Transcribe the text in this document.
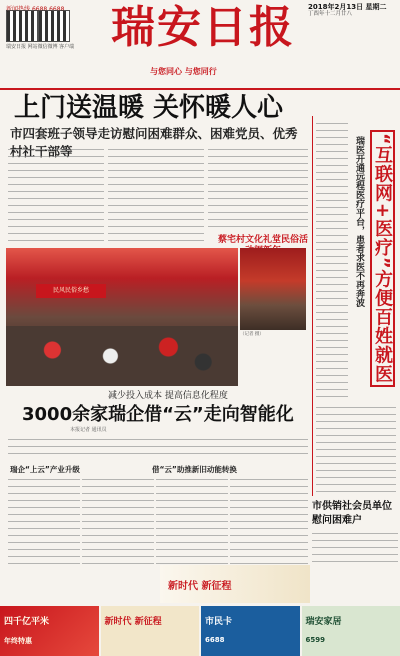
瑞安日报 网站微信微博 客户端 瑞安日报
与您同心 与您同行
2018年2月13日 星期二
丁酉年十二月廿八
上门送温暖 关怀暖人心
市四套班子领导走访慰问困难群众、困难党员、优秀
蔡宅村文化礼堂民俗活
民风民俗乡愁
（记者 摄）
减少投入成本 提高信息化程度
3000余家瑞企借“云”走向智能化
本报记者 通讯员
瑞企“上云”产业升级	借“云”助推新旧动能转换
“互联网+医疗”方便百姓就医
瑞医开通远程医疗平台，患者求医不再奔波
市供销社会员单位慰问困难户
新时代 新征程
四千亿平米
年终特惠
新时代 新征程	市民卡
6688
瑞安家居
6599
